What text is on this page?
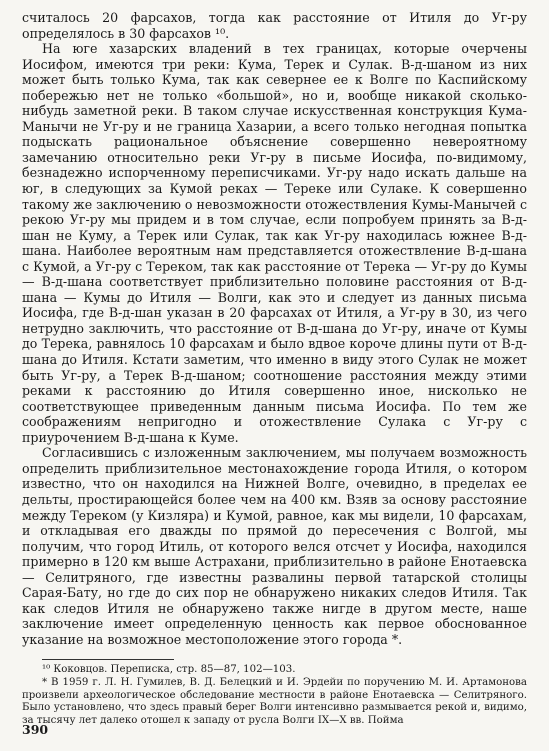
считалось 20 фарсахов, тогда как расстояние от Итиля до Уг-ру определялось в 30 фарсахов ¹⁰.

На юге хазарских владений в тех границах, которые очерчены Иосифом, имеются три реки: Кума, Терек и Сулак. В-д-шаном из них может быть только Кума, так как севернее ее к Волге по Каспийскому побережью нет не только «большой», но и, вообще никакой сколько-нибудь заметной реки. В таком случае искусственная конструкция Кума-Манычи не Уг-ру и не граница Хазарии, а всего только негодная попытка подыскать рациональное объяснение совершенно невероятному замечанию относительно реки Уг-ру в письме Иосифа, по-видимому, безнадежно испорченному переписчиками. Уг-ру надо искать дальше на юг, в следующих за Кумой реках — Тереке или Сулаке. К совершенно такому же заключению о невозможности отожествления Кумы-Манычей с рекою Уг-ру мы придем и в том случае, если попробуем принять за В-д-шан не Куму, а Терек или Сулак, так как Уг-ру находилась южнее В-д-шана. Наиболее вероятным нам представляется отожествление В-д-шана с Кумой, а Уг-ру с Тереком, так как расстояние от Терека — Уг-ру до Кумы — В-д-шана соответствует приблизительно половине расстояния от В-д-шана — Кумы до Итиля — Волги, как это и следует из данных письма Иосифа, где В-д-шан указан в 20 фарсахах от Итиля, а Уг-ру в 30, из чего нетрудно заключить, что расстояние от В-д-шана до Уг-ру, иначе от Кумы до Терека, равнялось 10 фарсахам и было вдвое короче длины пути от В-д-шана до Итиля. Кстати заметим, что именно в виду этого Сулак не может быть Уг-ру, а Терек В-д-шаном; соотношение расстояния между этими реками к расстоянию до Итиля совершенно иное, нисколько не соответствующее приведенным данным письма Иосифа. По тем же соображениям непригодно и отожествление Сулака с Уг-ру с приурочением В-д-шана к Куме.

Согласившись с изложенным заключением, мы получаем возможность определить приблизительное местонахождение города Итиля, о котором известно, что он находился на Нижней Волге, очевидно, в пределах ее дельты, простирающейся более чем на 400 км. Взяв за основу расстояние между Тереком (у Кизляра) и Кумой, равное, как мы видели, 10 фарсахам, и откладывая его дважды по прямой до пересечения с Волгой, мы получим, что город Итиль, от которого велся отсчет у Иосифа, находился примерно в 120 км выше Астрахани, приблизительно в районе Енотаевска — Селитряного, где известны развалины первой татарской столицы Сарая-Бату, но где до сих пор не обнаружено никаких следов Итиля. Так как следов Итиля не обнаружено также нигде в другом месте, наше заключение имеет определенную ценность как первое обоснованное указание на возможное местоположение этого города *.

¹⁰ Коковцов. Переписка, стр. 85—87, 102—103.

* В 1959 г. Л. Н. Гумилев, В. Д. Белецкий и И. Эрдейи по поручению М. И. Артамонова произвели археологическое обследование местности в районе Енотаевска — Селитряного. Было установлено, что здесь правый берег Волги интенсивно размывается рекой и, видимо, за тысячу лет далеко отошел к западу от русла Волги IX—X вв. Пойма

390
